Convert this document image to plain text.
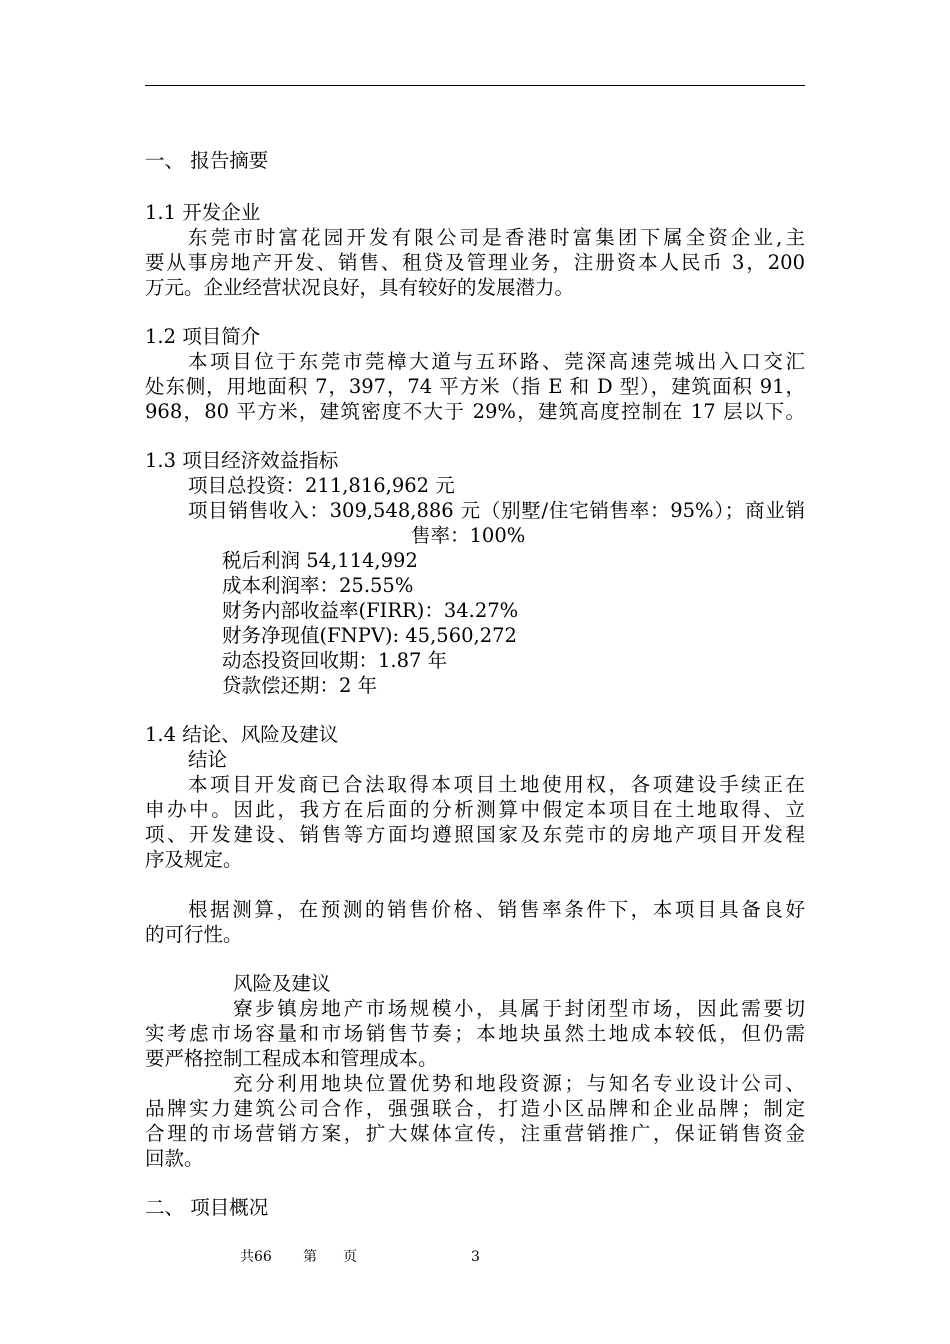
一、 报告摘要
1.1 开发企业
东莞市时富花园开发有限公司是香港时富集团下属全资企业,主
要从事房地产开发、销售、租贷及管理业务，注册资本人民币 3，200
万元。企业经营状况良好，具有较好的发展潜力。
1.2 项目简介
本项目位于东莞市莞樟大道与五环路、莞深高速莞城出入口交汇
处东侧，用地面积 7，397，74 平方米（指 E 和 D 型），建筑面积 91，
968，80 平方米，建筑密度不大于 29%，建筑高度控制在 17 层以下。
1.3 项目经济效益指标
项目总投资：211,816,962 元
项目销售收入：309,548,886 元（别墅/住宅销售率：95%）；商业销
售率：100%
税后利润 54,114,992
成本利润率：25.55%
财务内部收益率(FIRR)：34.27%
财务净现值(FNPV): 45,560,272
动态投资回收期：1.87 年
贷款偿还期：2 年
1.4 结论、风险及建议
结论
本项目开发商已合法取得本项目土地使用权，各项建设手续正在
申办中。因此，我方在后面的分析测算中假定本项目在土地取得、立
项、开发建设、销售等方面均遵照国家及东莞市的房地产项目开发程
序及规定。
根据测算，在预测的销售价格、销售率条件下，本项目具备良好
的可行性。
风险及建议
寮步镇房地产市场规模小，具属于封闭型市场，因此需要切
实考虑市场容量和市场销售节奏；本地块虽然土地成本较低，但仍需
要严格控制工程成本和管理成本。
充分利用地块位置优势和地段资源；与知名专业设计公司、
品牌实力建筑公司合作，强强联合，打造小区品牌和企业品牌；制定
合理的市场营销方案，扩大媒体宣传，注重营销推广，保证销售资金
回款。
二、 项目概况
共66 第 页	3
